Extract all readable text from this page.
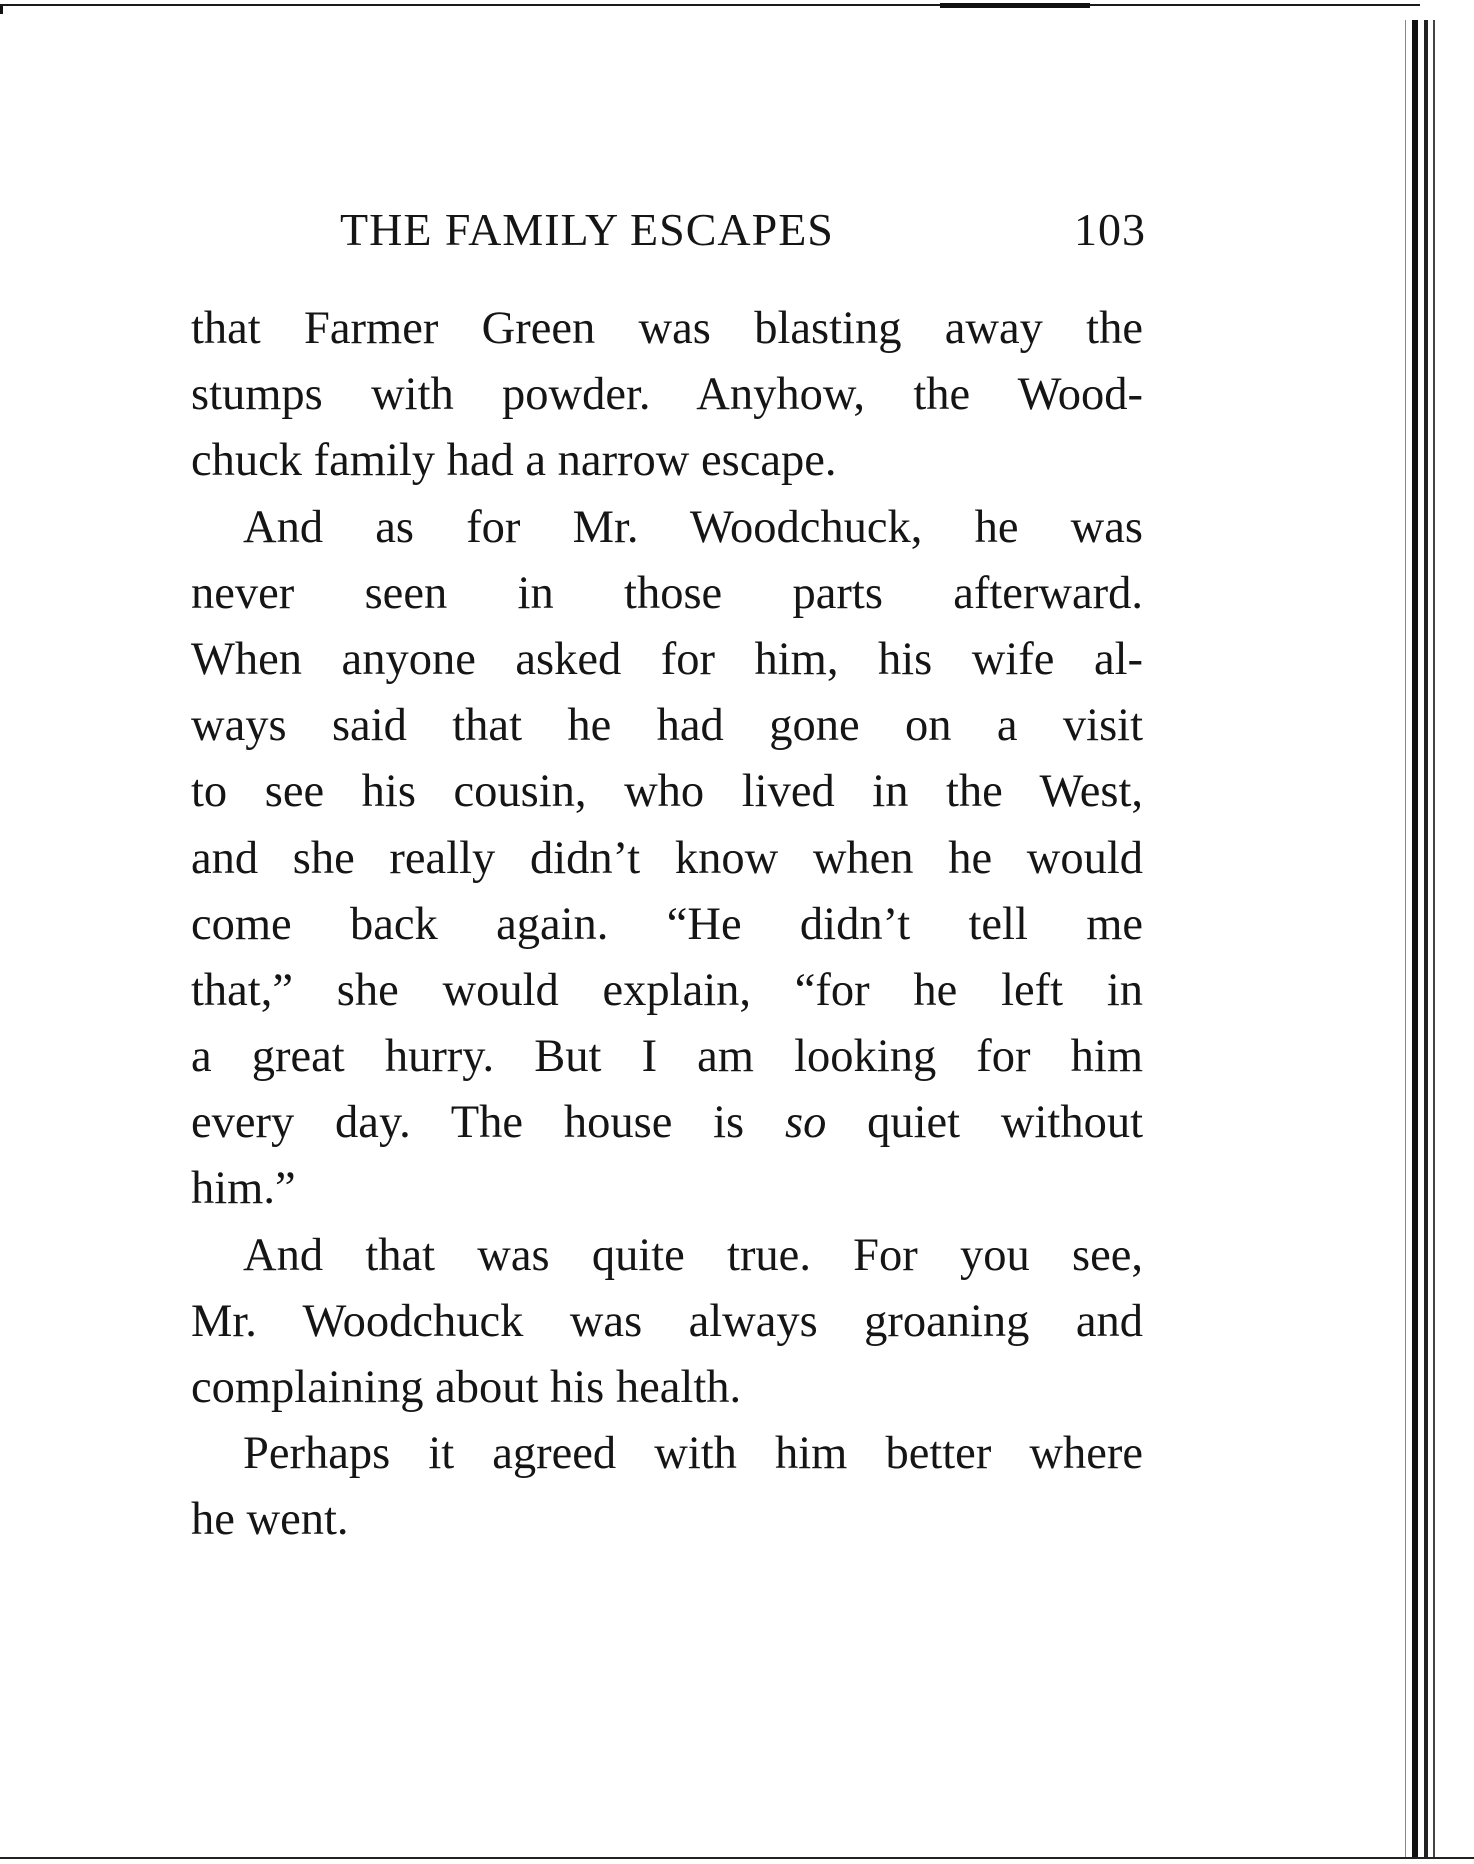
THE FAMILY ESCAPES	103
that Farmer Green was blasting away the
stumps with powder. Anyhow, the Wood-
chuck family had a narrow escape.
And as for Mr. Woodchuck, he was
never seen in those parts afterward.
When anyone asked for him, his wife al-
ways said that he had gone on a visit
to see his cousin, who lived in the West,
and she really didn’t know when he would
come back again. “He didn’t tell me
that,” she would explain, “for he left in
a great hurry. But I am looking for him
every day. The house is so quiet without
him.”
And that was quite true. For you see,
Mr. Woodchuck was always groaning and
complaining about his health.
Perhaps it agreed with him better where
he went.
